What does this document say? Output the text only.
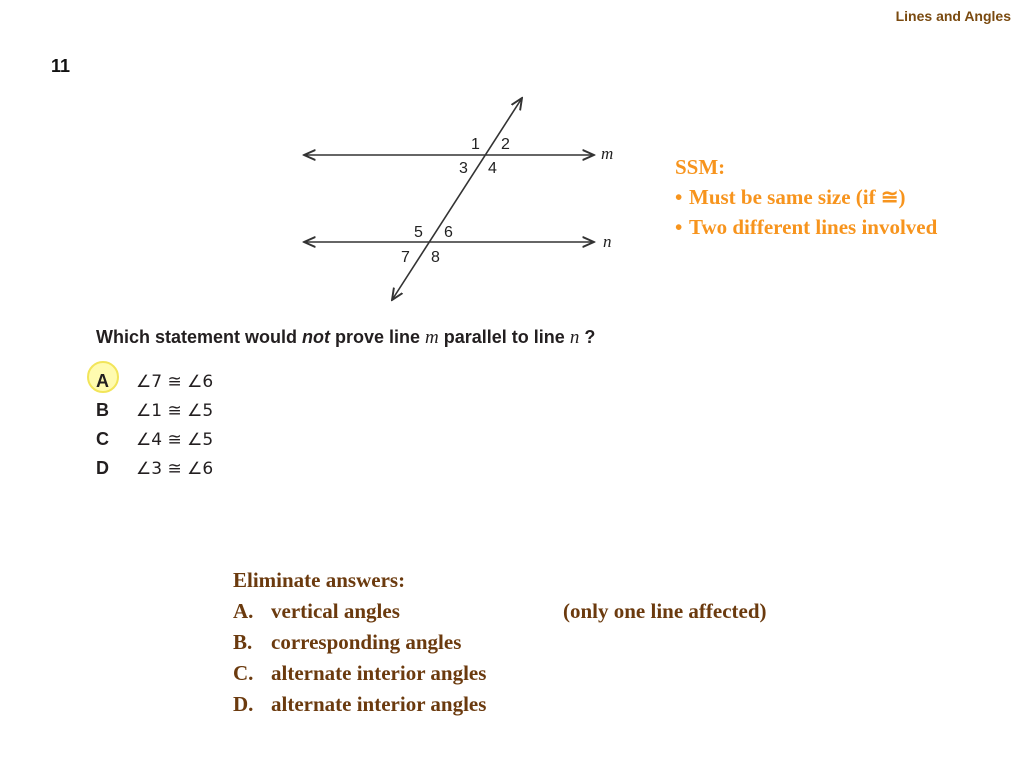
Lines and Angles
11
1 2
3 4
5 6
7 8
m
n
SSM:
• Must be same size (if ≅)
• Two different lines involved
Which statement would not prove line m parallel to line n ?
A ∠7 ≅ ∠6
B ∠1 ≅ ∠5
C ∠4 ≅ ∠5
D ∠3 ≅ ∠6
Eliminate answers:
A. vertical angles	(only one line affected)
B. corresponding angles
C. alternate interior angles
D. alternate interior angles
